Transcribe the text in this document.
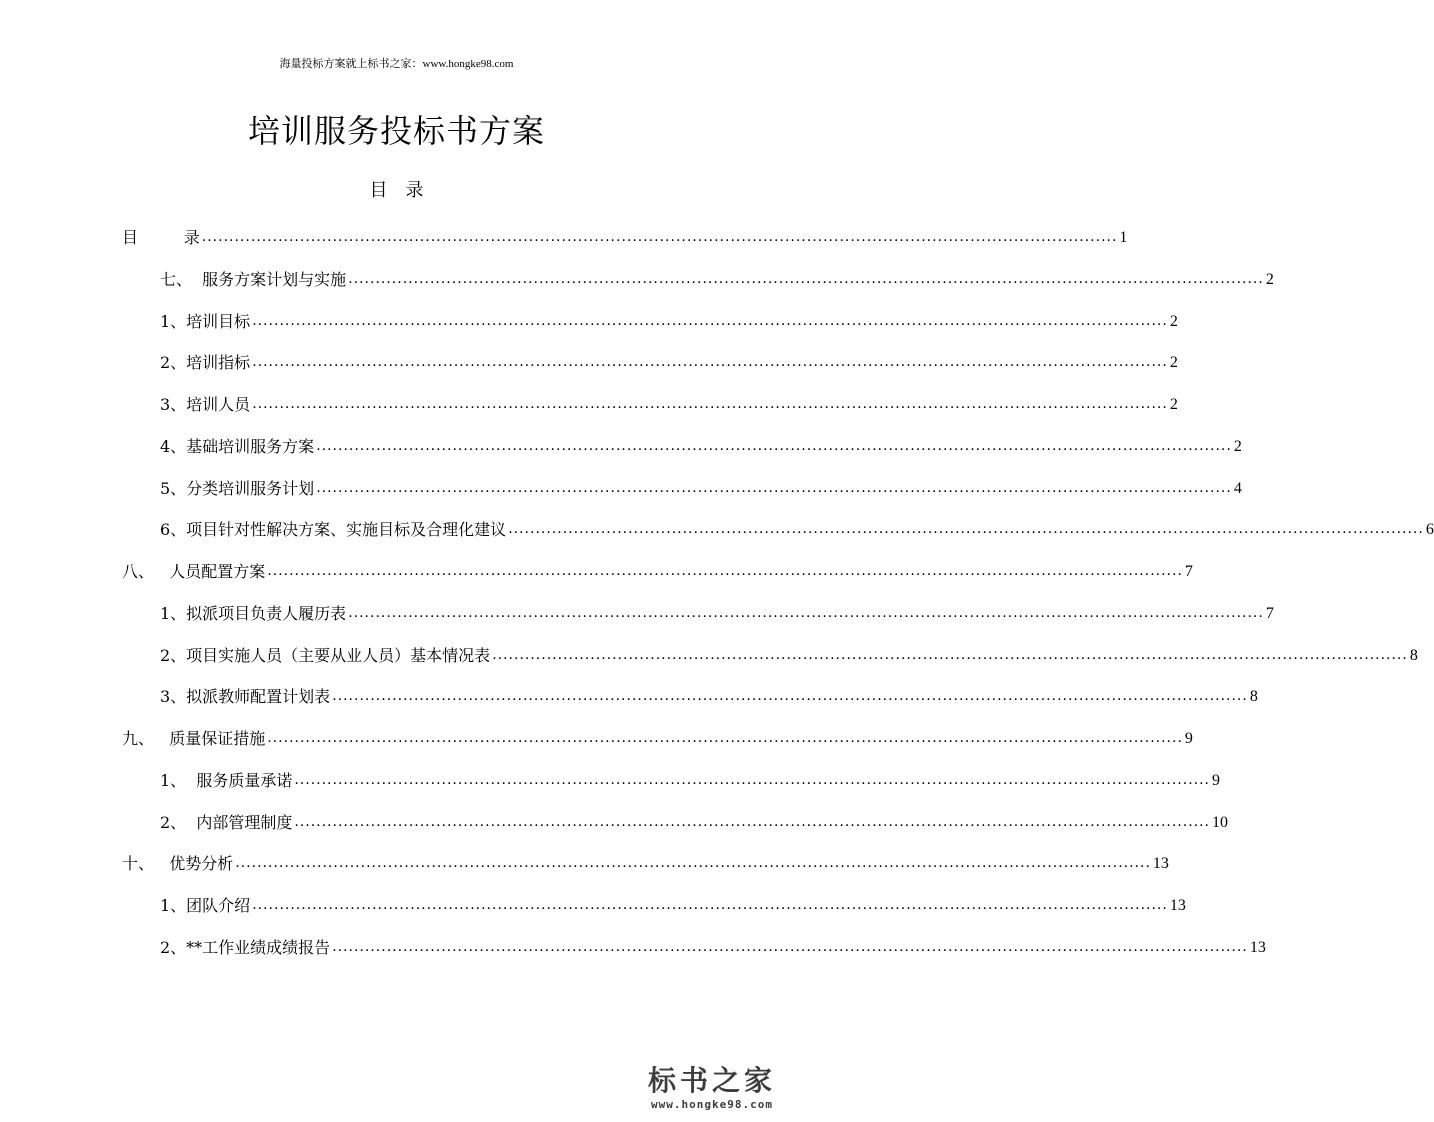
海量投标方案就上标书之家：www.hongke98.com
培训服务投标书方案
目　录
目         录 ........................................................................................................................................................................ 1
七、  服务方案计划与实施 ........................................................................................................................................................................ 2
1、培训目标 ........................................................................................................................................................................ 2
2、培训指标 ........................................................................................................................................................................ 2
3、培训人员 ........................................................................................................................................................................ 2
4、基础培训服务方案 ........................................................................................................................................................................ 2
5、分类培训服务计划 ........................................................................................................................................................................ 4
6、项目针对性解决方案、实施目标及合理化建议 ........................................................................................................................................................................ 6
八、   人员配置方案 ........................................................................................................................................................................ 7
1、拟派项目负责人履历表 ........................................................................................................................................................................ 7
2、项目实施人员（主要从业人员）基本情况表 ........................................................................................................................................................................ 8
3、拟派教师配置计划表 ........................................................................................................................................................................ 8
九、   质量保证措施 ........................................................................................................................................................................ 9
1、  服务质量承诺 ........................................................................................................................................................................ 9
2、  内部管理制度 ........................................................................................................................................................................ 10
十、   优势分析 ........................................................................................................................................................................ 13
1、团队介绍 ........................................................................................................................................................................ 13
2、**工作业绩成绩报告 ........................................................................................................................................................................ 13
标书之家
www.hongke98.com
